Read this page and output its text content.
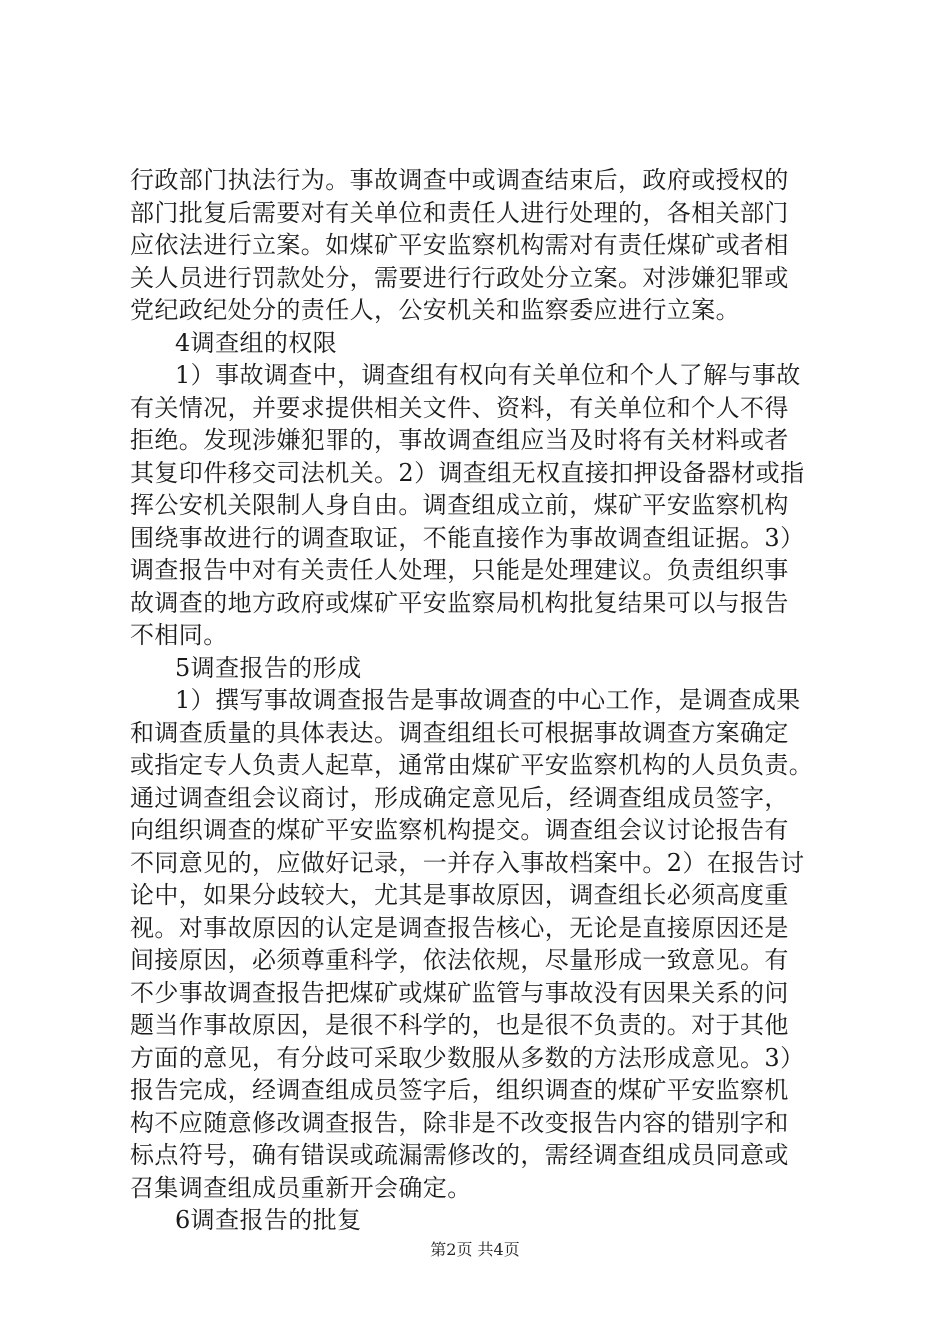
行政部门执法行为。事故调查中或调查结束后，政府或授权的
部门批复后需要对有关单位和责任人进行处理的，各相关部门
应依法进行立案。如煤矿平安监察机构需对有责任煤矿或者相
关人员进行罚款处分，需要进行行政处分立案。对涉嫌犯罪或
党纪政纪处分的责任人，公安机关和监察委应进行立案。
4调查组的权限
1）事故调查中，调查组有权向有关单位和个人了解与事故
有关情况，并要求提供相关文件、资料，有关单位和个人不得
拒绝。发现涉嫌犯罪的，事故调查组应当及时将有关材料或者
其复印件移交司法机关。2）调查组无权直接扣押设备器材或指
挥公安机关限制人身自由。调查组成立前，煤矿平安监察机构
围绕事故进行的调查取证，不能直接作为事故调查组证据。3）
调查报告中对有关责任人处理，只能是处理建议。负责组织事
故调查的地方政府或煤矿平安监察局机构批复结果可以与报告
不相同。
5调查报告的形成
1）撰写事故调查报告是事故调查的中心工作，是调查成果
和调查质量的具体表达。调查组组长可根据事故调查方案确定
或指定专人负责人起草，通常由煤矿平安监察机构的人员负责。
通过调查组会议商讨，形成确定意见后，经调查组成员签字，
向组织调查的煤矿平安监察机构提交。调查组会议讨论报告有
不同意见的，应做好记录，一并存入事故档案中。2）在报告讨
论中，如果分歧较大，尤其是事故原因，调查组长必须高度重
视。对事故原因的认定是调查报告核心，无论是直接原因还是
间接原因，必须尊重科学，依法依规，尽量形成一致意见。有
不少事故调查报告把煤矿或煤矿监管与事故没有因果关系的问
题当作事故原因，是很不科学的，也是很不负责的。对于其他
方面的意见，有分歧可采取少数服从多数的方法形成意见。3）
报告完成，经调查组成员签字后，组织调查的煤矿平安监察机
构不应随意修改调查报告，除非是不改变报告内容的错别字和
标点符号，确有错误或疏漏需修改的，需经调查组成员同意或
召集调查组成员重新开会确定。
6调查报告的批复
第2页 共4页
